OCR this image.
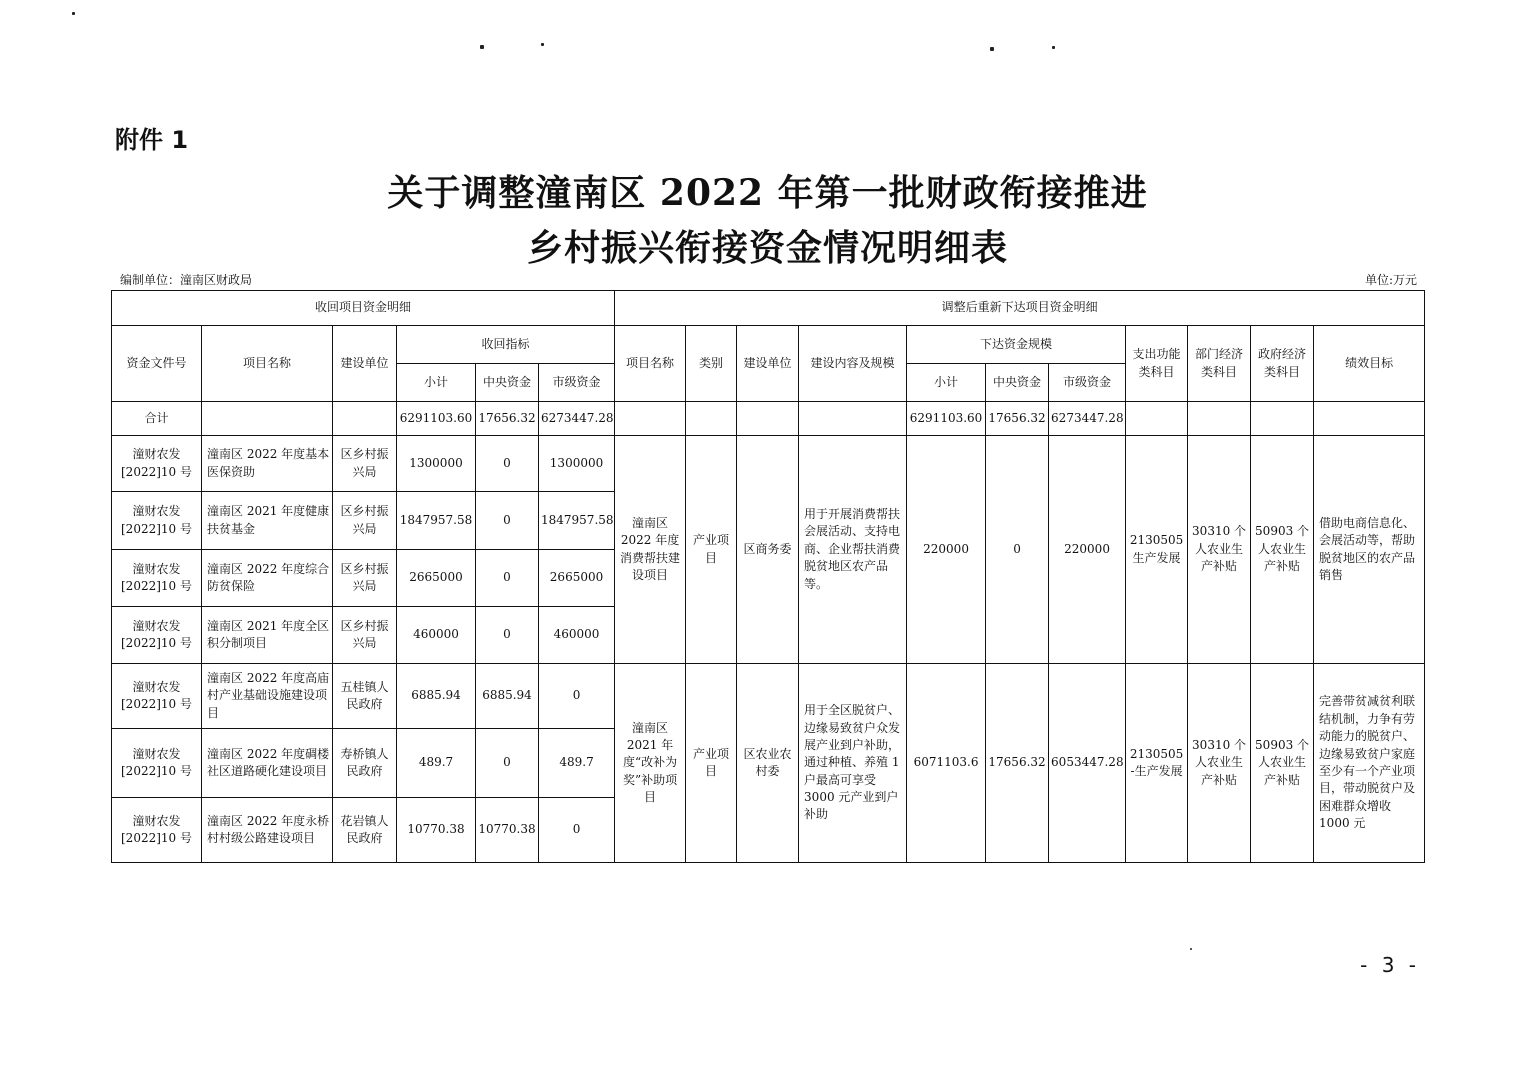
附件 1
关于调整潼南区 2022 年第一批财政衔接推进
乡村振兴衔接资金情况明细表
编制单位：潼南区财政局	单位:万元
收回项目资金明细						调整后重新下达项目资金明细										
资金文件号	项目名称	建设单位	收回指标			项目名称	类别	建设单位	建设内容及规模	下达资金规模			支出功能类科目	部门经济类科目	政府经济类科目	绩效目标
			小计	中央资金	市级资金					小计	中央资金	市级资金				
合计			6291103.60	17656.32	6273447.28					6291103.60	17656.32	6273447.28				
潼财农发[2022]10 号	潼南区 2022 年度基本医保资助	区乡村振兴局	1300000	0	1300000	潼南区 2022 年度消费帮扶建设项目	产业项目	区商务委	用于开展消费帮扶会展活动、支持电商、企业帮扶消费脱贫地区农产品等。	220000	0	220000	2130505 生产发展	30310 个人农业生产补贴	50903 个人农业生产补贴	借助电商信息化、会展活动等，帮助脱贫地区的农产品销售
潼财农发[2022]10 号	潼南区 2021 年度健康扶贫基金	区乡村振兴局	1847957.58	0	1847957.58											
潼财农发[2022]10 号	潼南区 2022 年度综合防贫保险	区乡村振兴局	2665000	0	2665000											
潼财农发[2022]10 号	潼南区 2021 年度全区积分制项目	区乡村振兴局	460000	0	460000											
潼财农发[2022]10 号	潼南区 2022 年度高庙村产业基础设施建设项目	五桂镇人民政府	6885.94	6885.94	0	潼南区 2021 年度“改补为奖”补助项目	产业项目	区农业农村委	用于全区脱贫户、边缘易致贫户众发展产业到户补助，通过种植、养殖 1 户最高可享受3000 元产业到户补助	6071103.6	17656.32	6053447.28	2130505 -生产发展	30310 个人农业生产补贴	50903 个人农业生产补贴	完善带贫减贫利联结机制，力争有劳动能力的脱贫户、边缘易致贫户家庭至少有一个产业项目，带动脱贫户及困难群众增收 1000 元
潼财农发[2022]10 号	潼南区 2022 年度碉楼社区道路硬化建设项目	寿桥镇人民政府	489.7	0	489.7											
潼财农发[2022]10 号	潼南区 2022 年度永桥村村级公路建设项目	花岩镇人民政府	10770.38	10770.38	0											
- 3 -
